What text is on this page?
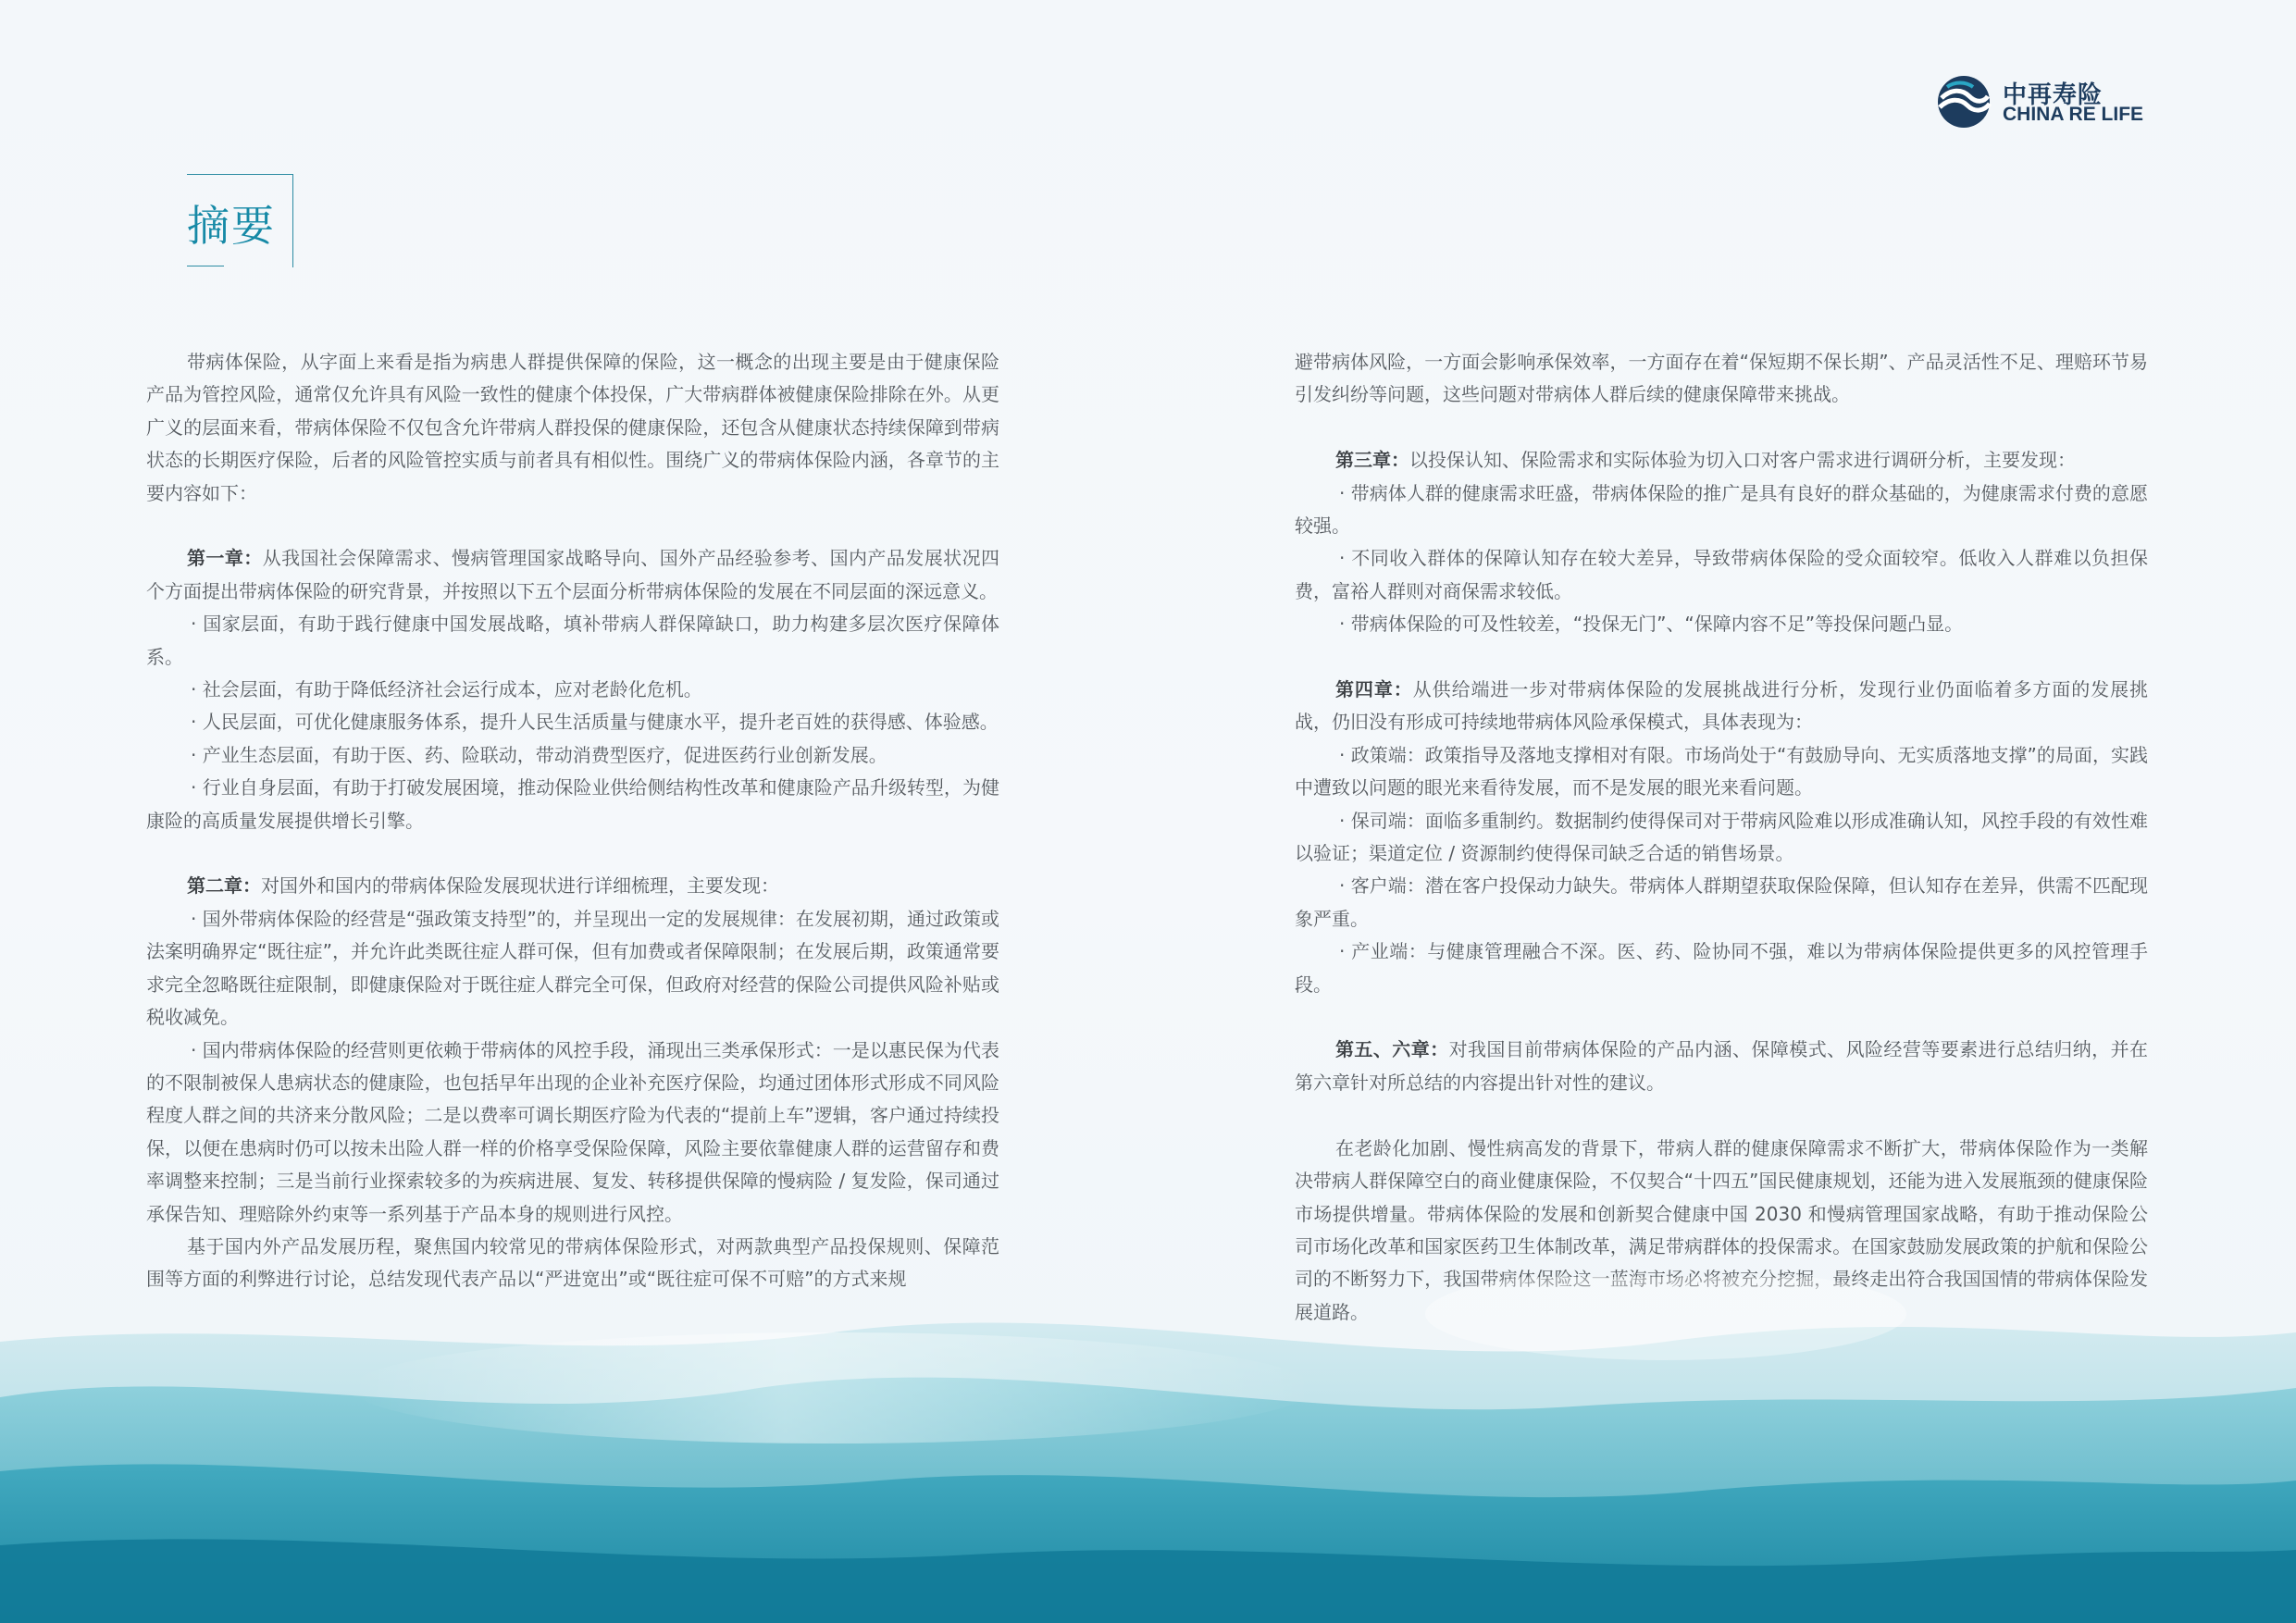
中再寿险
CHINA RE LIFE
摘要

带病体保险，从字面上来看是指为病患人群提供保障的保险，这一概念的出现主要是由于健康保险产品为管控风险，通常仅允许具有风险一致性的健康个体投保，广大带病群体被健康保险排除在外。从更广义的层面来看，带病体保险不仅包含允许带病人群投保的健康保险，还包含从健康状态持续保障到带病状态的长期医疗保险，后者的风险管控实质与前者具有相似性。围绕广义的带病体保险内涵，各章节的主要内容如下：

第一章：从我国社会保障需求、慢病管理国家战略导向、国外产品经验参考、国内产品发展状况四个方面提出带病体保险的研究背景，并按照以下五个层面分析带病体保险的发展在不同层面的深远意义。

· 国家层面，有助于践行健康中国发展战略，填补带病人群保障缺口，助力构建多层次医疗保障体系。

· 社会层面，有助于降低经济社会运行成本，应对老龄化危机。

· 人民层面，可优化健康服务体系，提升人民生活质量与健康水平，提升老百姓的获得感、体验感。

· 产业生态层面，有助于医、药、险联动，带动消费型医疗，促进医药行业创新发展。

· 行业自身层面，有助于打破发展困境，推动保险业供给侧结构性改革和健康险产品升级转型，为健康险的高质量发展提供增长引擎。

第二章：对国外和国内的带病体保险发展现状进行详细梳理，主要发现：

· 国外带病体保险的经营是“强政策支持型”的，并呈现出一定的发展规律：在发展初期，通过政策或法案明确界定“既往症”，并允许此类既往症人群可保，但有加费或者保障限制；在发展后期，政策通常要求完全忽略既往症限制，即健康保险对于既往症人群完全可保，但政府对经营的保险公司提供风险补贴或税收减免。

· 国内带病体保险的经营则更依赖于带病体的风控手段，涌现出三类承保形式：一是以惠民保为代表的不限制被保人患病状态的健康险，也包括早年出现的企业补充医疗保险，均通过团体形式形成不同风险程度人群之间的共济来分散风险；二是以费率可调长期医疗险为代表的“提前上车”逻辑，客户通过持续投保，以便在患病时仍可以按未出险人群一样的价格享受保险保障，风险主要依靠健康人群的运营留存和费率调整来控制；三是当前行业探索较多的为疾病进展、复发、转移提供保障的慢病险 / 复发险，保司通过承保告知、理赔除外约束等一系列基于产品本身的规则进行风控。

基于国内外产品发展历程，聚焦国内较常见的带病体保险形式，对两款典型产品投保规则、保障范围等方面的利弊进行讨论，总结发现代表产品以“严进宽出”或“既往症可保不可赔”的方式来规

避带病体风险，一方面会影响承保效率，一方面存在着“保短期不保长期”、产品灵活性不足、理赔环节易引发纠纷等问题，这些问题对带病体人群后续的健康保障带来挑战。

第三章：以投保认知、保险需求和实际体验为切入口对客户需求进行调研分析，主要发现：

· 带病体人群的健康需求旺盛，带病体保险的推广是具有良好的群众基础的，为健康需求付费的意愿较强。

· 不同收入群体的保障认知存在较大差异，导致带病体保险的受众面较窄。低收入人群难以负担保费，富裕人群则对商保需求较低。

· 带病体保险的可及性较差，“投保无门”、“保障内容不足”等投保问题凸显。

第四章：从供给端进一步对带病体保险的发展挑战进行分析，发现行业仍面临着多方面的发展挑战，仍旧没有形成可持续地带病体风险承保模式，具体表现为：

· 政策端：政策指导及落地支撑相对有限。市场尚处于“有鼓励导向、无实质落地支撑”的局面，实践中遭致以问题的眼光来看待发展，而不是发展的眼光来看问题。

· 保司端：面临多重制约。数据制约使得保司对于带病风险难以形成准确认知，风控手段的有效性难以验证；渠道定位 / 资源制约使得保司缺乏合适的销售场景。

· 客户端：潜在客户投保动力缺失。带病体人群期望获取保险保障，但认知存在差异，供需不匹配现象严重。

· 产业端：与健康管理融合不深。医、药、险协同不强，难以为带病体保险提供更多的风控管理手段。

第五、六章：对我国目前带病体保险的产品内涵、保障模式、风险经营等要素进行总结归纳，并在第六章针对所总结的内容提出针对性的建议。

在老龄化加剧、慢性病高发的背景下，带病人群的健康保障需求不断扩大，带病体保险作为一类解决带病人群保障空白的商业健康保险，不仅契合“十四五”国民健康规划，还能为进入发展瓶颈的健康保险市场提供增量。带病体保险的发展和创新契合健康中国 2030 和慢病管理国家战略，有助于推动保险公司市场化改革和国家医药卫生体制改革，满足带病群体的投保需求。在国家鼓励发展政策的护航和保险公司的不断努力下，我国带病体保险这一蓝海市场必将被充分挖掘，最终走出符合我国国情的带病体保险发展道路。
